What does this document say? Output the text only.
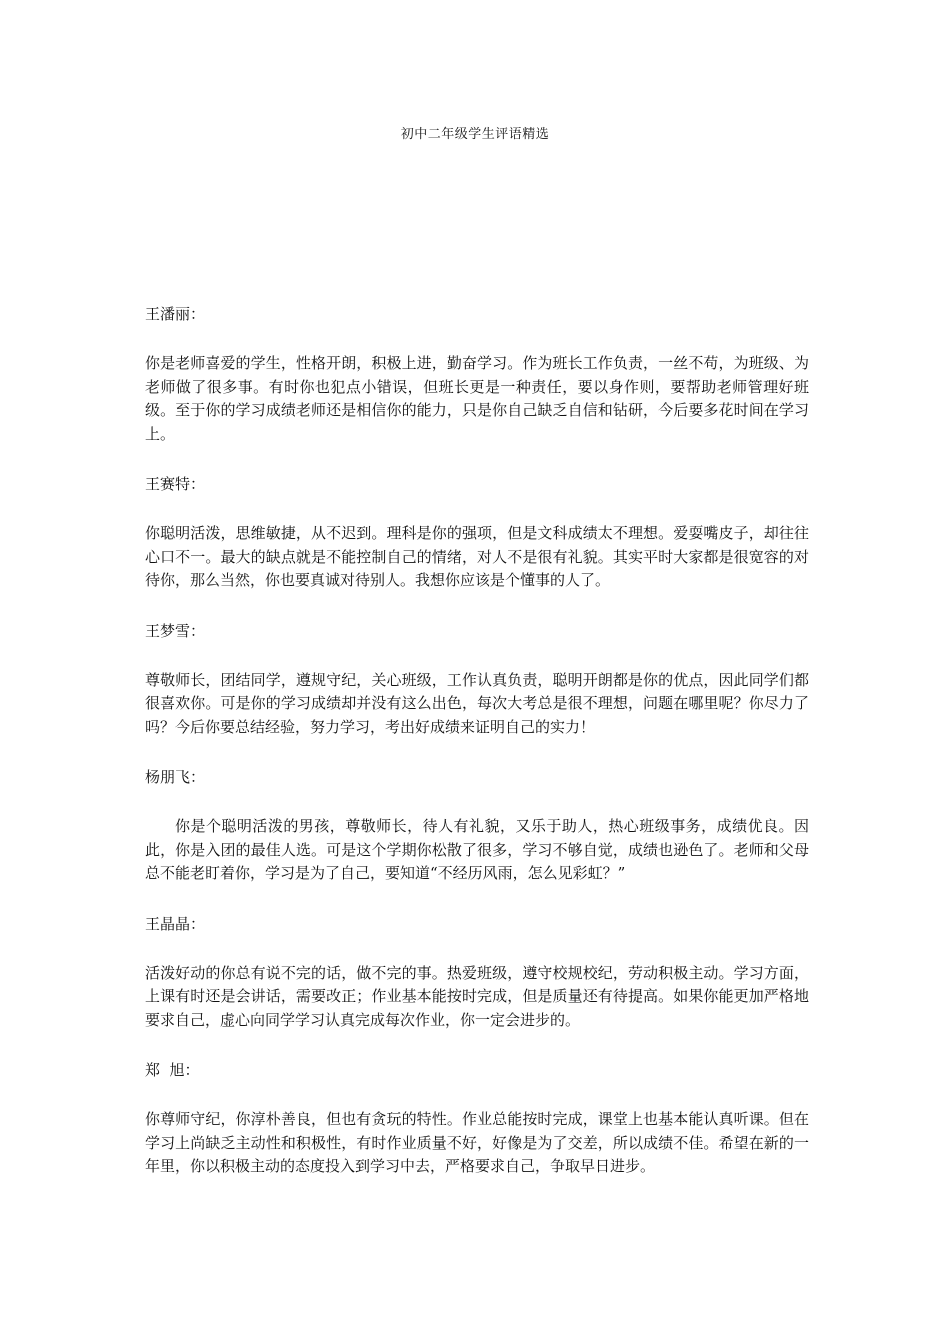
初中二年级学生评语精选

王潘丽：

你是老师喜爱的学生，性格开朗，积极上进，勤奋学习。作为班长工作负责，一丝不苟，为班级、为老师做了很多事。有时你也犯点小错误，但班长更是一种责任，要以身作则，要帮助老师管理好班级。至于你的学习成绩老师还是相信你的能力，只是你自己缺乏自信和钻研，今后要多花时间在学习上。

王赛特：

你聪明活泼，思维敏捷，从不迟到。理科是你的强项，但是文科成绩太不理想。爱耍嘴皮子，却往往心口不一。最大的缺点就是不能控制自己的情绪，对人不是很有礼貌。其实平时大家都是很宽容的对待你，那么当然，你也要真诚对待别人。我想你应该是个懂事的人了。

王梦雪：

尊敬师长，团结同学，遵规守纪，关心班级，工作认真负责，聪明开朗都是你的优点，因此同学们都很喜欢你。可是你的学习成绩却并没有这么出色，每次大考总是很不理想，问题在哪里呢？你尽力了吗？今后你要总结经验，努力学习，考出好成绩来证明自己的实力！

杨朋飞：

你是个聪明活泼的男孩，尊敬师长，待人有礼貌，又乐于助人，热心班级事务，成绩优良。因此，你是入团的最佳人选。可是这个学期你松散了很多，学习不够自觉，成绩也逊色了。老师和父母总不能老盯着你，学习是为了自己，要知道“不经历风雨，怎么见彩虹？”

王晶晶：

活泼好动的你总有说不完的话，做不完的事。热爱班级，遵守校规校纪，劳动积极主动。学习方面，上课有时还是会讲话，需要改正；作业基本能按时完成，但是质量还有待提高。如果你能更加严格地要求自己，虚心向同学学习认真完成每次作业，你一定会进步的。

郑  旭：

你尊师守纪，你淳朴善良，但也有贪玩的特性。作业总能按时完成，课堂上也基本能认真听课。但在学习上尚缺乏主动性和积极性，有时作业质量不好，好像是为了交差，所以成绩不佳。希望在新的一年里，你以积极主动的态度投入到学习中去，严格要求自己，争取早日进步。
